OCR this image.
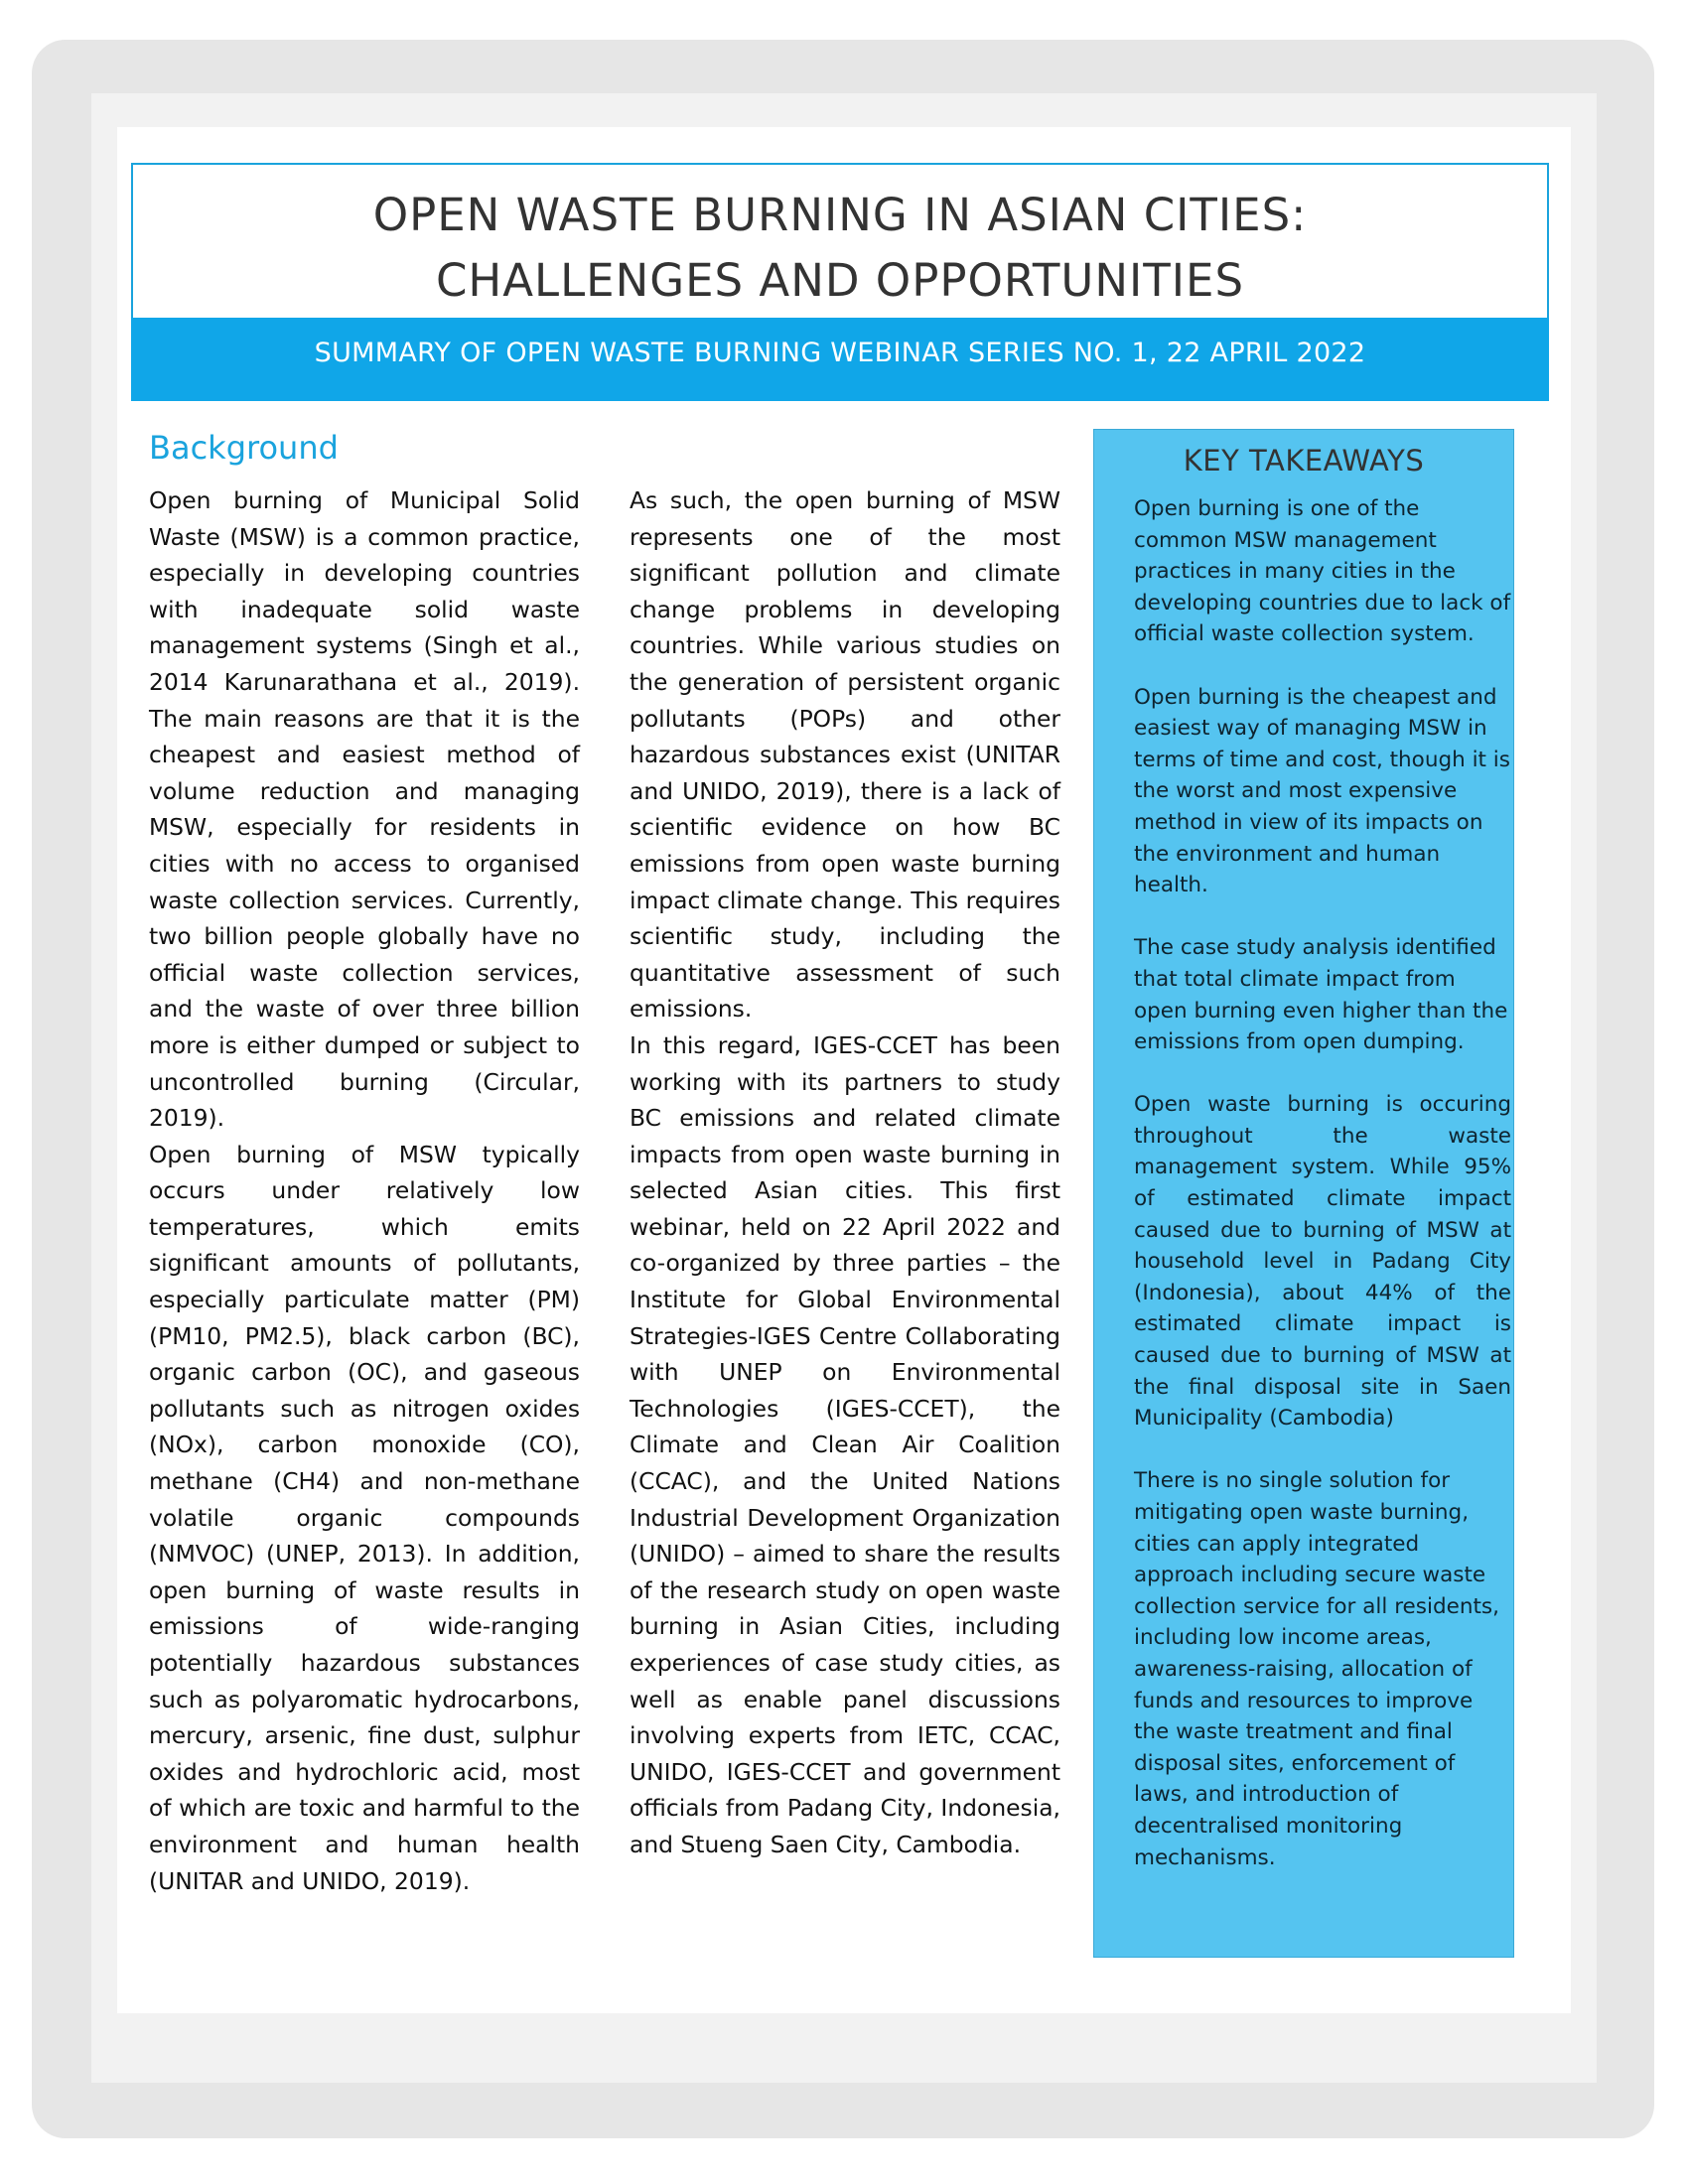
OPEN WASTE BURNING IN ASIAN CITIES:
CHALLENGES AND OPPORTUNITIES
SUMMARY OF OPEN WASTE BURNING WEBINAR SERIES NO. 1, 22 APRIL 2022
Background

Open burning of Municipal Solid Waste (MSW) is a common practice, especially in developing countries with inadequate solid waste management systems (Singh et al., 2014 Karunarathana et al., 2019). The main reasons are that it is the cheapest and easiest method of volume reduction and managing MSW, especially for residents in cities with no access to organised waste collection services. Currently, two billion people globally have no official waste collection services, and the waste of over three billion more is either dumped or subject to uncontrolled burning (Circular, 2019).

Open burning of MSW typically occurs under relatively low temperatures, which emits significant amounts of pollutants, especially particulate matter (PM) (PM10, PM2.5), black carbon (BC), organic carbon (OC), and gaseous pollutants such as nitrogen oxides (NOx), carbon monoxide (CO), methane (CH4) and non-methane volatile organic compounds (NMVOC) (UNEP, 2013). In addition, open burning of waste results in emissions of wide-ranging potentially hazardous substances such as polyaromatic hydrocarbons, mercury, arsenic, fine dust, sulphur oxides and hydrochloric acid, most of which are toxic and harmful to the environment and human health (UNITAR and UNIDO, 2019).

As such, the open burning of MSW represents one of the most significant pollution and climate change problems in developing countries. While various studies on the generation of persistent organic pollutants (POPs) and other hazardous substances exist (UNITAR and UNIDO, 2019), there is a lack of scientific evidence on how BC emissions from open waste burning impact climate change. This requires scientific study, including the quantitative assessment of such emissions.

In this regard, IGES-CCET has been working with its partners to study BC emissions and related climate impacts from open waste burning in selected Asian cities. This first webinar, held on 22 April 2022 and co-organized by three parties – the Institute for Global Environmental Strategies-IGES Centre Collaborating with UNEP on Environmental Technologies (IGES-CCET), the Climate and Clean Air Coalition (CCAC), and the United Nations Industrial Development Organization (UNIDO) – aimed to share the results of the research study on open waste burning in Asian Cities, including experiences of case study cities, as well as enable panel discussions involving experts from IETC, CCAC, UNIDO, IGES-CCET and government officials from Padang City, Indonesia, and Stueng Saen City, Cambodia.

KEY TAKEAWAYS
Open burning is one of the common MSW management practices in many cities in the developing countries due to lack of official waste collection system.
Open burning is the cheapest and easiest way of managing MSW in terms of time and cost, though it is the worst and most expensive method in view of its impacts on the environment and human health.
The case study analysis identified that total climate impact from open burning even higher than the emissions from open dumping.
Open waste burning is occuring throughout the waste management system. While 95% of estimated climate impact caused due to burning of MSW at household level in Padang City (Indonesia), about 44% of the estimated climate impact is caused due to burning of MSW at the final disposal site in Saen Municipality (Cambodia)
There is no single solution for mitigating open waste burning, cities can apply integrated approach including secure waste collection service for all residents, including low income areas, awareness-raising, allocation of funds and resources to improve the waste treatment and final disposal sites, enforcement of laws, and introduction of decentralised monitoring mechanisms.
